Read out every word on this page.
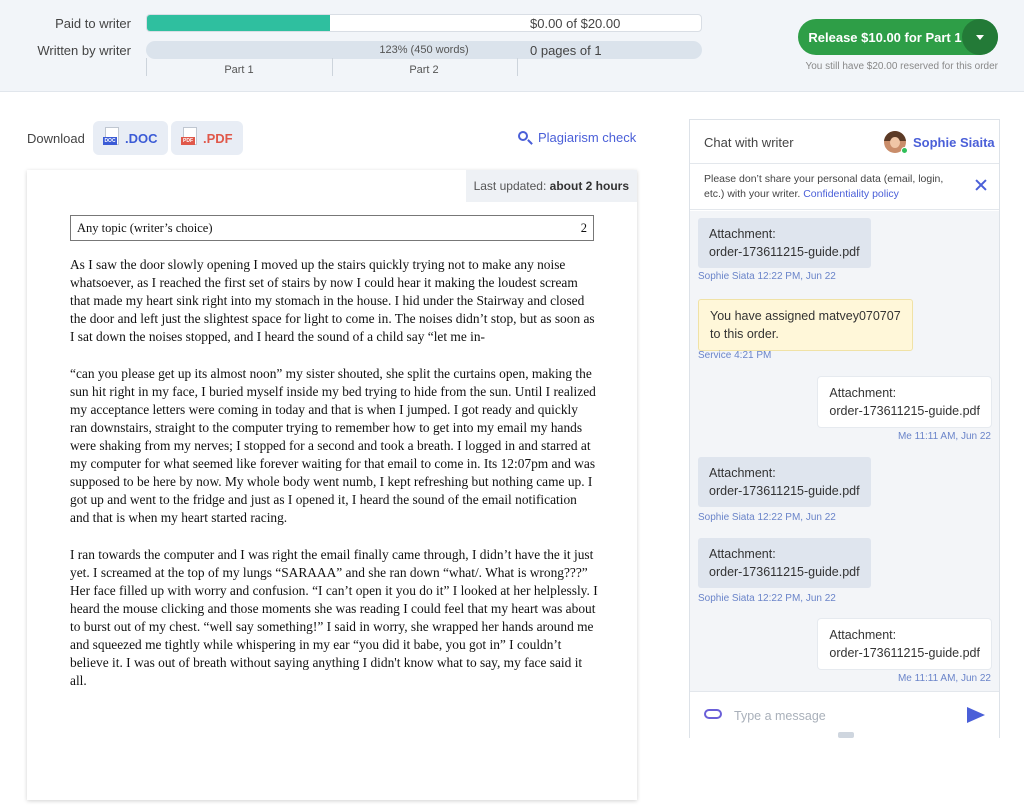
Paid to writer	$0.00 of $20.00
Written by writer	123% (450 words)	0 pages of 1
Part 1	Part 2
Release $10.00 for Part 1
You still have $20.00 reserved for this order
Download	DOC .DOC	PDF .PDF	Plagiarism check
Last updated: about 2 hours
Any topic (writer’s choice)	2

As I saw the door slowly opening I moved up the stairs quickly trying not to make any noise whatsoever, as I reached the first set of stairs by now I could hear it making the loudest scream that made my heart sink right into my stomach in the house. I hid under the Stairway and closed the door and left just the slightest space for light to come in. The noises didn’t stop, but as soon as I sat down the noises stopped, and I heard the sound of a child say “let me in-

“can you please get up its almost noon” my sister shouted, she split the curtains open, making the sun hit right in my face, I buried myself inside my bed trying to hide from the sun. Until I realized my acceptance letters were coming in today and that is when I jumped. I got ready and quickly ran downstairs, straight to the computer trying to remember how to get into my email my hands were shaking from my nerves; I stopped for a second and took a breath. I logged in and starred at my computer for what seemed like forever waiting for that email to come in. Its 12:07pm and was supposed to be here by now. My whole body went numb, I kept refreshing but nothing came up. I got up and went to the fridge and just as I opened it, I heard the sound of the email notification and that is when my heart started racing.

I ran towards the computer and I was right the email finally came through, I didn’t have the it just yet. I screamed at the top of my lungs “SARAAA” and she ran down “what/. What is wrong???” Her face filled up with worry and confusion. “I can’t open it you do it” I looked at her helplessly. I heard the mouse clicking and those moments she was reading I could feel that my heart was about to burst out of my chest. “well say something!” I said in worry, she wrapped her hands around me and squeezed me tightly while whispering in my ear “you did it babe, you got in” I couldn’t believe it. I was out of breath without saying anything I didn't know what to say, my face said it all.

Chat with writer	Sophie Siaita
Please don’t share your personal data (email, login, etc.) with your writer. Confidentiality policy
Attachment:
order-173611215-guide.pdf
Sophie Siata 12:22 PM, Jun 22
You have assigned matvey070707
to this order.
Service 4:21 PM
Attachment:
order-173611215-guide.pdf
Me 11:11 AM, Jun 22
Attachment:
order-173611215-guide.pdf
Sophie Siata 12:22 PM, Jun 22
Attachment:
order-173611215-guide.pdf
Sophie Siata 12:22 PM, Jun 22
Attachment:
order-173611215-guide.pdf
Me 11:11 AM, Jun 22
Type a message
